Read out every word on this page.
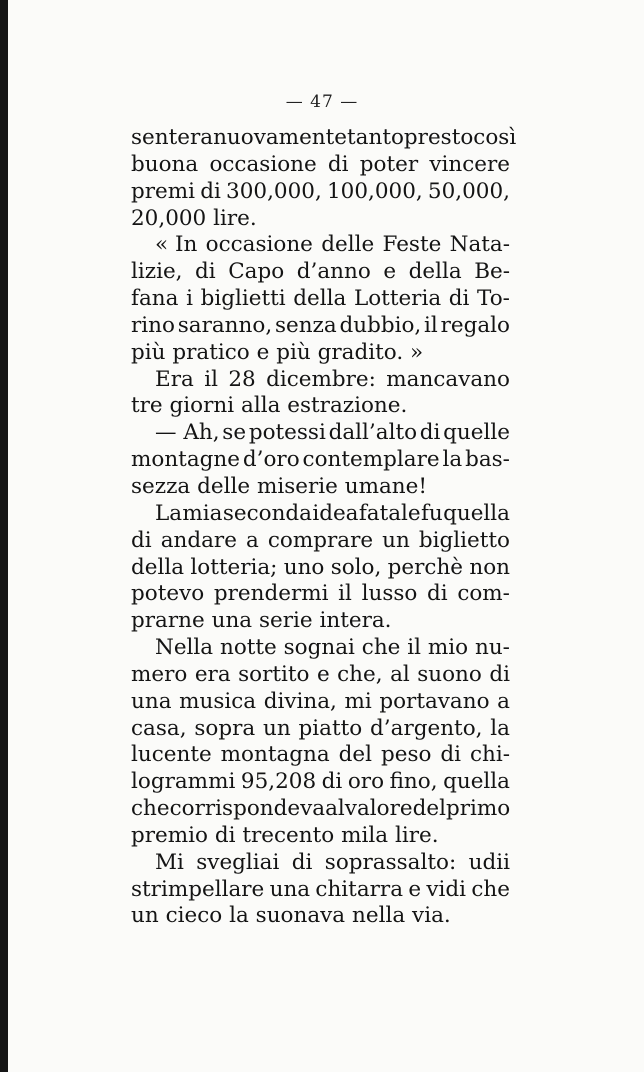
— 47 —
sentera nuovamente tanto presto così
buona occasione di poter vincere
premi di 300,000, 100,000, 50,000,
20,000 lire.
« In occasione delle Feste Nata-
lizie, di Capo d’anno e della Be-
fana i biglietti della Lotteria di To-
rino saranno, senza dubbio, il regalo
più pratico e più gradito. »
Era il 28 dicembre: mancavano
tre giorni alla estrazione.
— Ah, se potessi dall’alto di quelle
montagne d’oro contemplare la bas-
sezza delle miserie umane!
La mia seconda idea fatale fu quella
di andare a comprare un biglietto
della lotteria; uno solo, perchè non
potevo prendermi il lusso di com-
prarne una serie intera.
Nella notte sognai che il mio nu-
mero era sortito e che, al suono di
una musica divina, mi portavano a
casa, sopra un piatto d’argento, la
lucente montagna del peso di chi-
logrammi 95,208 di oro fino, quella
che corrispondeva al valore del primo
premio di trecento mila lire.
Mi svegliai di soprassalto: udii
strimpellare una chitarra e vidi che
un cieco la suonava nella via.
